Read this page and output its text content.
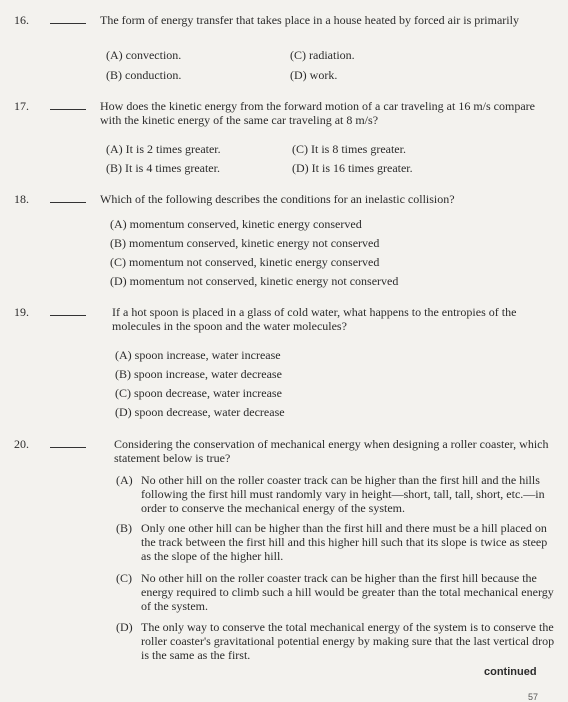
16.	The form of energy transfer that takes place in a house heated by forced air is primarily
(A) convection.
(B) conduction.
(C) radiation.
(D) work.
17.	How does the kinetic energy from the forward motion of a car traveling at 16 m/s compare with the kinetic energy of the same car traveling at 8 m/s?
(A) It is 2 times greater.
(B) It is 4 times greater.
(C) It is 8 times greater.
(D) It is 16 times greater.
18.	Which of the following describes the conditions for an inelastic collision?
(A) momentum conserved, kinetic energy conserved
(B) momentum conserved, kinetic energy not conserved
(C) momentum not conserved, kinetic energy conserved
(D) momentum not conserved, kinetic energy not conserved
19.	If a hot spoon is placed in a glass of cold water, what happens to the entropies of the molecules in the spoon and the water molecules?
(A) spoon increase, water increase
(B) spoon increase, water decrease
(C) spoon decrease, water increase
(D) spoon decrease, water decrease
20.	Considering the conservation of mechanical energy when designing a roller coaster, which statement below is true?
(A) No other hill on the roller coaster track can be higher than the first hill and the hills following the first hill must randomly vary in height—short, tall, tall, short, etc.—in order to conserve the mechanical energy of the system.
(B) Only one other hill can be higher than the first hill and there must be a hill placed on the track between the first hill and this higher hill such that its slope is twice as steep as the slope of the higher hill.
(C) No other hill on the roller coaster track can be higher than the first hill because the energy required to climb such a hill would be greater than the total mechanical energy of the system.
(D) The only way to conserve the total mechanical energy of the system is to conserve the roller coaster's gravitational potential energy by making sure that the last vertical drop is the same as the first.
continued
57
